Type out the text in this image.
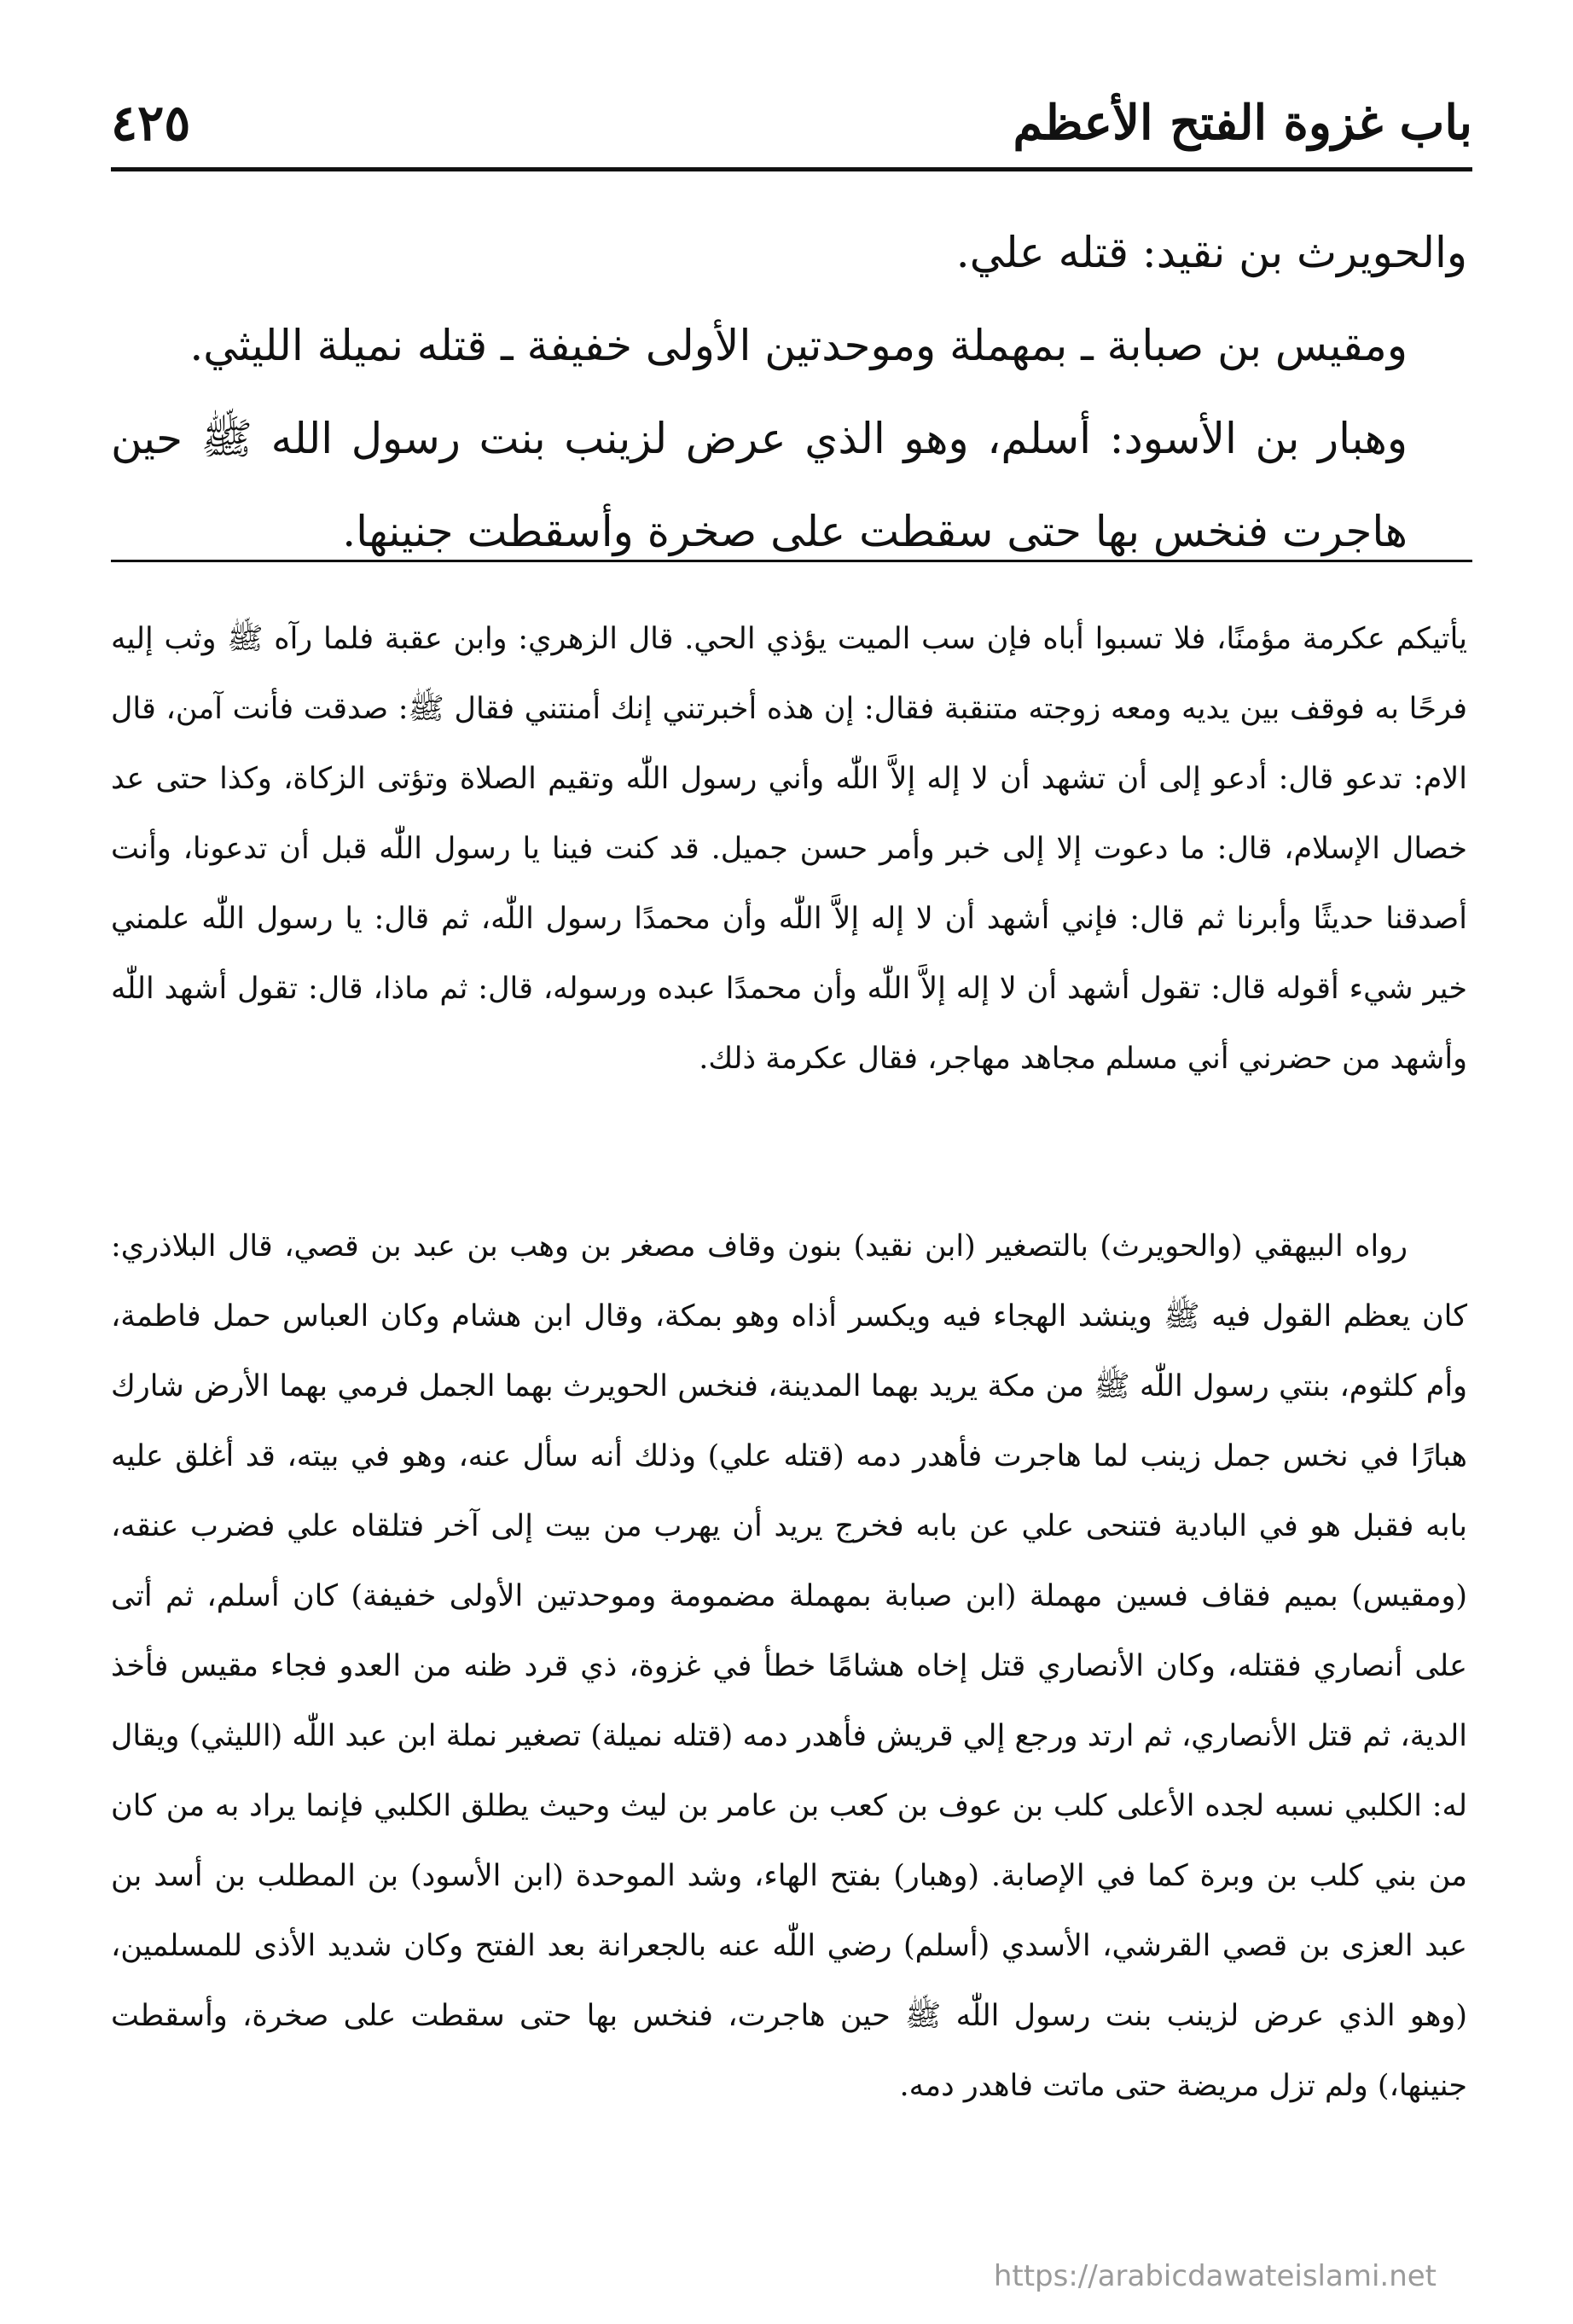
باب غزوة الفتح الأعظم
٤٢٥

والحويرث بن نقيد: قتله علي.

ومقيس بن صبابة ـ بمهملة وموحدتين الأولى خفيفة ـ قتله نميلة الليثي.

وهبار بن الأسود: أسلم، وهو الذي عرض لزينب بنت رسول الله ﷺ حين هاجرت فنخس بها حتى سقطت على صخرة وأسقطت جنينها.

يأتيكم عكرمة مؤمنًا، فلا تسبوا أباه فإن سب الميت يؤذي الحي. قال الزهري: وابن عقبة فلما رآه ﷺ وثب إليه فرحًا به فوقف بين يديه ومعه زوجته متنقبة فقال: إن هذه أخبرتني إنك أمنتني فقال ﷺ: صدقت فأنت آمن، قال الام: تدعو قال: أدعو إلى أن تشهد أن لا إله إلاَّ اللّٰه وأني رسول اللّٰه وتقيم الصلاة وتؤتى الزكاة، وكذا حتى عد خصال الإسلام، قال: ما دعوت إلا إلى خبر وأمر حسن جميل. قد كنت فينا يا رسول اللّٰه قبل أن تدعونا، وأنت أصدقنا حديثًا وأبرنا ثم قال: فإني أشهد أن لا إله إلاَّ اللّٰه وأن محمدًا رسول اللّٰه، ثم قال: يا رسول اللّٰه علمني خير شيء أقوله قال: تقول أشهد أن لا إله إلاَّ اللّٰه وأن محمدًا عبده ورسوله، قال: ثم ماذا، قال: تقول أشهد اللّٰه وأشهد من حضرني أني مسلم مجاهد مهاجر، فقال عكرمة ذلك.

رواه البيهقي (والحويرث) بالتصغير (ابن نقيد) بنون وقاف مصغر بن وهب بن عبد بن قصي، قال البلاذري: كان يعظم القول فيه ﷺ وينشد الهجاء فيه ويكسر أذاه وهو بمكة، وقال ابن هشام وكان العباس حمل فاطمة، وأم كلثوم، بنتي رسول اللّٰه ﷺ من مكة يريد بهما المدينة، فنخس الحويرث بهما الجمل فرمي بهما الأرض شارك هبارًا في نخس جمل زينب لما هاجرت فأهدر دمه (قتله علي) وذلك أنه سأل عنه، وهو في بيته، قد أغلق عليه بابه فقبل هو في البادية فتنحى علي عن بابه فخرج يريد أن يهرب من بيت إلى آخر فتلقاه علي فضرب عنقه، (ومقيس) بميم فقاف فسين مهملة (ابن صبابة بمهملة مضمومة وموحدتين الأولى خفيفة) كان أسلم، ثم أتى على أنصاري فقتله، وكان الأنصاري قتل إخاه هشامًا خطأ في غزوة، ذي قرد ظنه من العدو فجاء مقيس فأخذ الدية، ثم قتل الأنصاري، ثم ارتد ورجع إلي قريش فأهدر دمه (قتله نميلة) تصغير نملة ابن عبد اللّٰه (الليثي) ويقال له: الكلبي نسبه لجده الأعلى كلب بن عوف بن كعب بن عامر بن ليث وحيث يطلق الكلبي فإنما يراد به من كان من بني كلب بن وبرة كما في الإصابة. (وهبار) بفتح الهاء، وشد الموحدة (ابن الأسود) بن المطلب بن أسد بن عبد العزى بن قصي القرشي، الأسدي (أسلم) رضي اللّٰه عنه بالجعرانة بعد الفتح وكان شديد الأذى للمسلمين، (وهو الذي عرض لزينب بنت رسول اللّٰه ﷺ حين هاجرت، فنخس بها حتى سقطت على صخرة، وأسقطت جنينها،) ولم تزل مريضة حتى ماتت فاهدر دمه.

https://arabicdawateislami.net
